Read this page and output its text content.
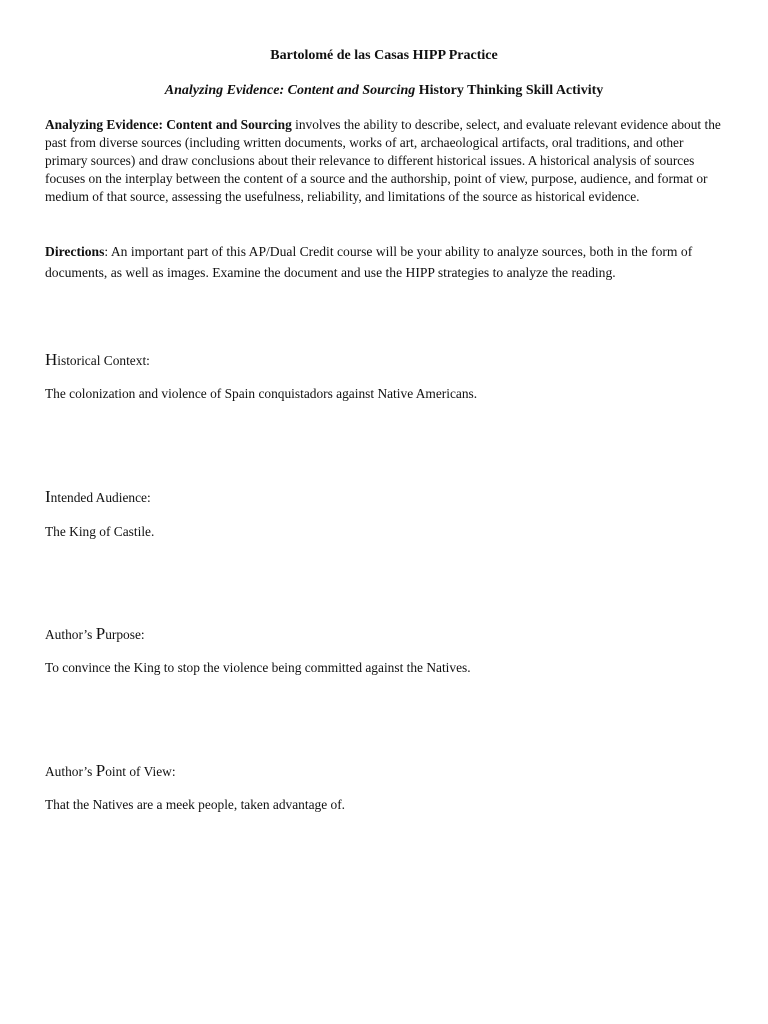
Bartolomé de las Casas HIPP Practice
Analyzing Evidence: Content and Sourcing History Thinking Skill Activity
Analyzing Evidence: Content and Sourcing involves the ability to describe, select, and evaluate relevant evidence about the past from diverse sources (including written documents, works of art, archaeological artifacts, oral traditions, and other primary sources) and draw conclusions about their relevance to different historical issues. A historical analysis of sources focuses on the interplay between the content of a source and the authorship, point of view, purpose, audience, and format or medium of that source, assessing the usefulness, reliability, and limitations of the source as historical evidence.
Directions: An important part of this AP/Dual Credit course will be your ability to analyze sources, both in the form of documents, as well as images. Examine the document and use the HIPP strategies to analyze the reading.
Historical Context:
The colonization and violence of Spain conquistadors against Native Americans.
Intended Audience:
The King of Castile.
Author’s Purpose:
To convince the King to stop the violence being committed against the Natives.
Author’s Point of View:
That the Natives are a meek people, taken advantage of.
